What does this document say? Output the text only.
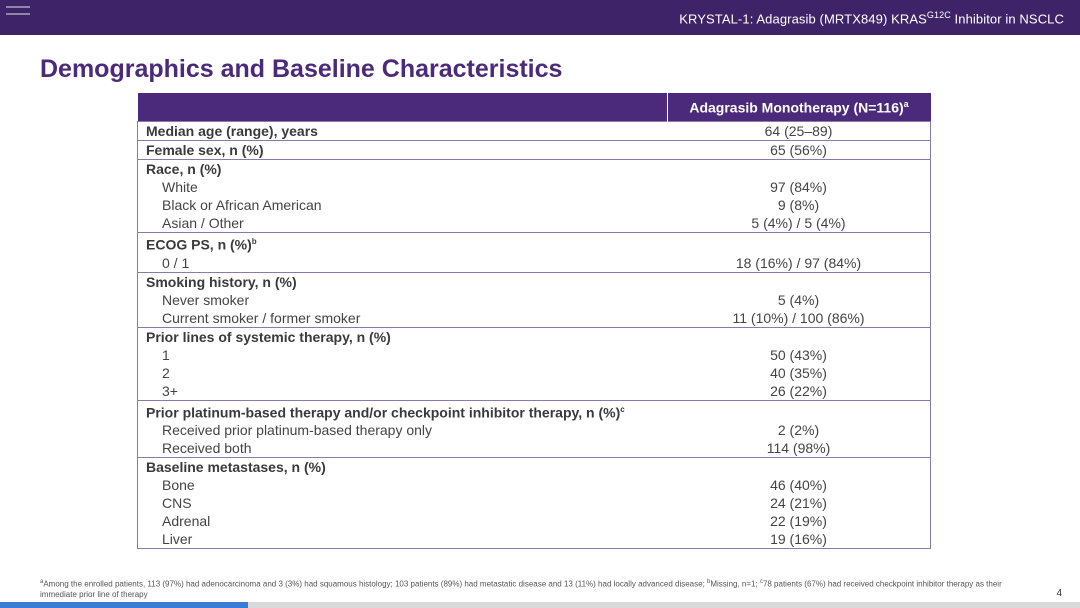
KRYSTAL-1: Adagrasib (MRTX849) $KRAS^{G12C}$ Inhibitor in NSCLC
Demographics and Baseline Characteristics
	Adagrasib Monotherapy (N=116)$^a$
Median age (range), years	64 (25–89)
Female sex, n (%)	65 (56%)
Race, n (%)	
White	97 (84%)
Black or African American	9 (8%)
Asian / Other	5 (4%) / 5 (4%)
ECOG PS, n (%)$^b$	
0 / 1	18 (16%) / 97 (84%)
Smoking history, n (%)	
Never smoker	5 (4%)
Current smoker / former smoker	11 (10%) / 100 (86%)
Prior lines of systemic therapy, n (%)	
1	50 (43%)
2	40 (35%)
3+	26 (22%)
Prior platinum-based therapy and/or checkpoint inhibitor therapy, n (%)$^c$	
Received prior platinum-based therapy only	2 (2%)
Received both	114 (98%)
Baseline metastases, n (%)	
Bone	46 (40%)
CNS	24 (21%)
Adrenal	22 (19%)
Liver	19 (16%)
$^a$Among the enrolled patients, 113 (97%) had adenocarcinoma and 3 (3%) had squamous histology; 103 patients (89%) had metastatic disease and 13 (11%) had locally advanced disease; $^b$Missing, n=1; $^c$78 patients (67%) had received checkpoint inhibitor therapy as their immediate prior line of therapy	4
